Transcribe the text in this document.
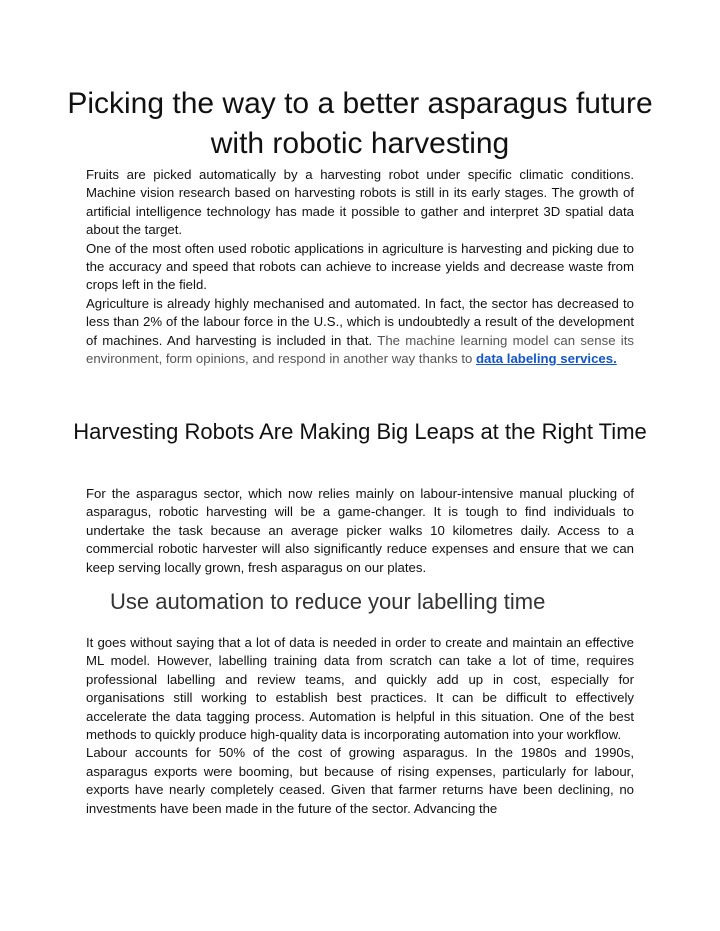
Picking the way to a better asparagus future with robotic harvesting

Fruits are picked automatically by a harvesting robot under specific climatic conditions. Machine vision research based on harvesting robots is still in its early stages. The growth of artificial intelligence technology has made it possible to gather and interpret 3D spatial data about the target.

One of the most often used robotic applications in agriculture is harvesting and picking due to the accuracy and speed that robots can achieve to increase yields and decrease waste from crops left in the field.

Agriculture is already highly mechanised and automated. In fact, the sector has decreased to less than 2% of the labour force in the U.S., which is undoubtedly a result of the development of machines. And harvesting is included in that. The machine learning model can sense its environment, form opinions, and respond in another way thanks to data labeling services.

Harvesting Robots Are Making Big Leaps at the Right Time

For the asparagus sector, which now relies mainly on labour-intensive manual plucking of asparagus, robotic harvesting will be a game-changer. It is tough to find individuals to undertake the task because an average picker walks 10 kilometres daily. Access to a commercial robotic harvester will also significantly reduce expenses and ensure that we can keep serving locally grown, fresh asparagus on our plates.

Use automation to reduce your labelling time

It goes without saying that a lot of data is needed in order to create and maintain an effective ML model. However, labelling training data from scratch can take a lot of time, requires professional labelling and review teams, and quickly add up in cost, especially for organisations still working to establish best practices. It can be difficult to effectively accelerate the data tagging process. Automation is helpful in this situation. One of the best methods to quickly produce high-quality data is incorporating automation into your workflow.

Labour accounts for 50% of the cost of growing asparagus. In the 1980s and 1990s, asparagus exports were booming, but because of rising expenses, particularly for labour, exports have nearly completely ceased. Given that farmer returns have been declining, no investments have been made in the future of the sector. Advancing the
